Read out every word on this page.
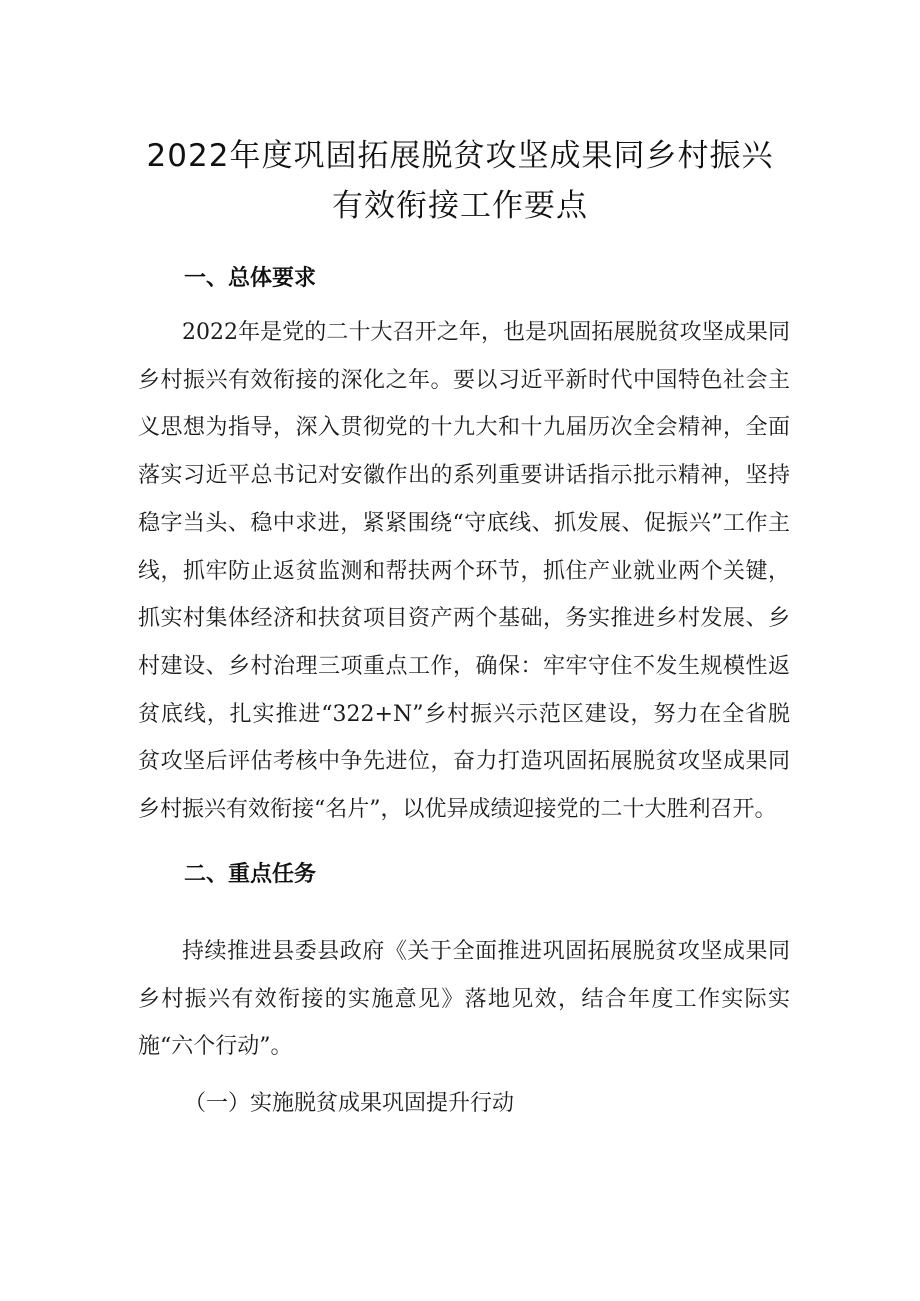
2022年度巩固拓展脱贫攻坚成果同乡村振兴
有效衔接工作要点
一、总体要求

2022年是党的二十大召开之年，也是巩固拓展脱贫攻坚成果同乡村振兴有效衔接的深化之年。要以习近平新时代中国特色社会主义思想为指导，深入贯彻党的十九大和十九届历次全会精神，全面落实习近平总书记对安徽作出的系列重要讲话指示批示精神，坚持稳字当头、稳中求进，紧紧围绕“守底线、抓发展、促振兴”工作主线，抓牢防止返贫监测和帮扶两个环节，抓住产业就业两个关键，抓实村集体经济和扶贫项目资产两个基础，务实推进乡村发展、乡村建设、乡村治理三项重点工作，确保：牢牢守住不发生规模性返贫底线，扎实推进“322+N”乡村振兴示范区建设，努力在全省脱贫攻坚后评估考核中争先进位，奋力打造巩固拓展脱贫攻坚成果同乡村振兴有效衔接“名片”，以优异成绩迎接党的二十大胜利召开。

二、重点任务

持续推进县委县政府《关于全面推进巩固拓展脱贫攻坚成果同乡村振兴有效衔接的实施意见》落地见效，结合年度工作实际实施“六个行动”。

（一）实施脱贫成果巩固提升行动
